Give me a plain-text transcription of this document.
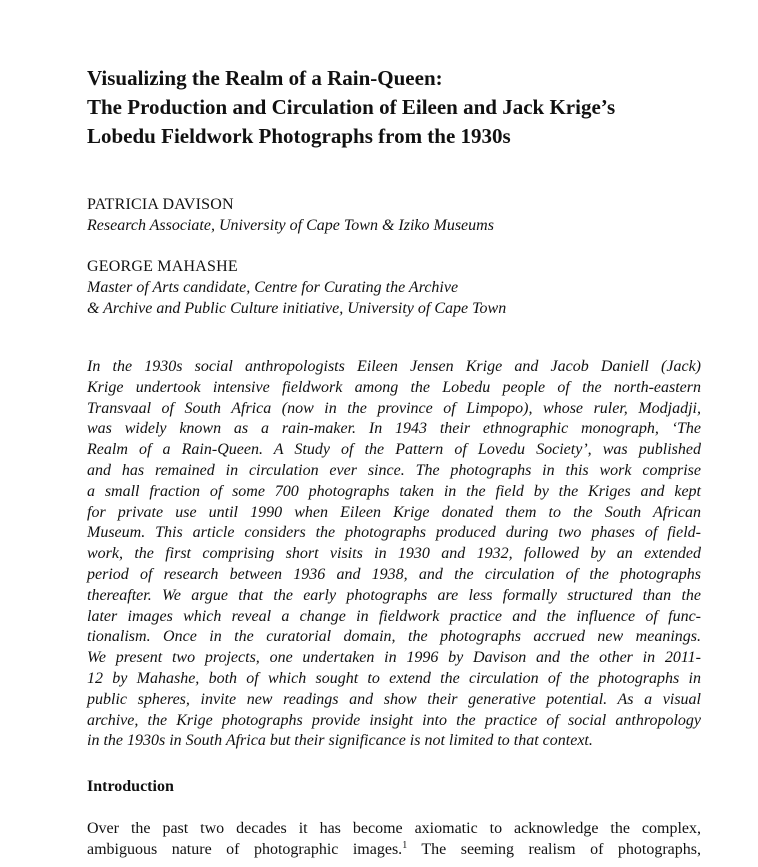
Visualizing the Realm of a Rain-Queen:
The Production and Circulation of Eileen and Jack Krige’s
Lobedu Fieldwork Photographs from the 1930s
PATRICIA DAVISON
Research Associate, University of Cape Town & Iziko Museums
GEORGE MAHASHE
Master of Arts candidate, Centre for Curating the Archive
& Archive and Public Culture initiative, University of Cape Town
In the 1930s social anthropologists Eileen Jensen Krige and Jacob Daniell (Jack)
Krige undertook intensive fieldwork among the Lobedu people of the north-eastern
Transvaal of South Africa (now in the province of Limpopo), whose ruler, Modjadji,
was widely known as a rain-maker. In 1943 their ethnographic monograph, ‘The
Realm of a Rain-Queen. A Study of the Pattern of Lovedu Society’, was published
and has remained in circulation ever since. The photographs in this work comprise
a small fraction of some 700 photographs taken in the field by the Kriges and kept
for private use until 1990 when Eileen Krige donated them to the South African
Museum. This article considers the photographs produced during two phases of field-
work, the first comprising short visits in 1930 and 1932, followed by an extended
period of research between 1936 and 1938, and the circulation of the photographs
thereafter. We argue that the early photographs are less formally structured than the
later images which reveal a change in fieldwork practice and the influence of func-
tionalism. Once in the curatorial domain, the photographs accrued new meanings.
We present two projects, one undertaken in 1996 by Davison and the other in 2011-
12 by Mahashe, both of which sought to extend the circulation of the photographs in
public spheres, invite new readings and show their generative potential. As a visual
archive, the Krige photographs provide insight into the practice of social anthropology
in the 1930s in South Africa but their significance is not limited to that context.
Introduction
Over the past two decades it has become axiomatic to acknowledge the complex,
ambiguous nature of photographic images.$^1$ The seeming realism of photographs,
